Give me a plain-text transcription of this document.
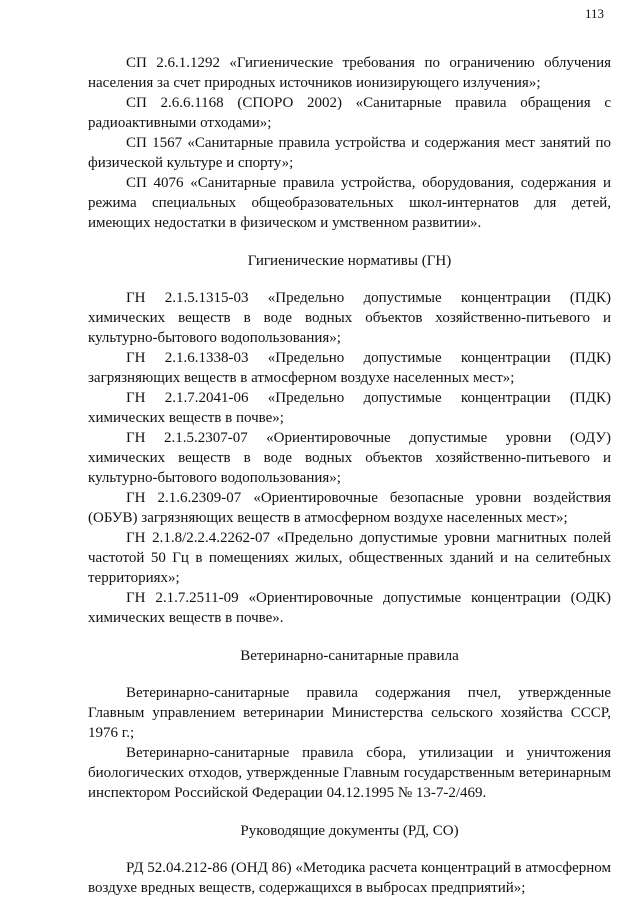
113

СП 2.6.1.1292 «Гигиенические требования по ограничению облучения населения за счет природных источников ионизирующего излучения»;

СП 2.6.6.1168 (СПОРО 2002) «Санитарные правила обращения с радиоактивными отходами»;

СП 1567 «Санитарные правила устройства и содержания мест занятий по физической культуре и спорту»;

СП 4076 «Санитарные правила устройства, оборудования, содержания и режима специальных общеобразовательных школ-интернатов для детей, имеющих недостатки в физическом и умственном развитии».

Гигиенические нормативы (ГН)

ГН 2.1.5.1315-03 «Предельно допустимые концентрации (ПДК) химических веществ в воде водных объектов хозяйственно-питьевого и культурно-бытового водопользования»;

ГН 2.1.6.1338-03 «Предельно допустимые концентрации (ПДК) загрязняющих веществ в атмосферном воздухе населенных мест»;

ГН 2.1.7.2041-06 «Предельно допустимые концентрации (ПДК) химических веществ в почве»;

ГН 2.1.5.2307-07 «Ориентировочные допустимые уровни (ОДУ) химических веществ в воде водных объектов хозяйственно-питьевого и культурно-бытового водопользования»;

ГН 2.1.6.2309-07 «Ориентировочные безопасные уровни воздействия (ОБУВ) загрязняющих веществ в атмосферном воздухе населенных мест»;

ГН 2.1.8/2.2.4.2262-07 «Предельно допустимые уровни магнитных полей частотой 50 Гц в помещениях жилых, общественных зданий и на селитебных территориях»;

ГН 2.1.7.2511-09 «Ориентировочные допустимые концентрации (ОДК) химических веществ в почве».

Ветеринарно-санитарные правила

Ветеринарно-санитарные правила содержания пчел, утвержденные Главным управлением ветеринарии Министерства сельского хозяйства СССР, 1976 г.;

Ветеринарно-санитарные правила сбора, утилизации и уничтожения биологических отходов, утвержденные Главным государственным ветеринарным инспектором Российской Федерации 04.12.1995 № 13-7-2/469.

Руководящие документы (РД, СО)

РД 52.04.212-86 (ОНД 86) «Методика расчета концентраций в атмосферном воздухе вредных веществ, содержащихся в выбросах предприятий»;
